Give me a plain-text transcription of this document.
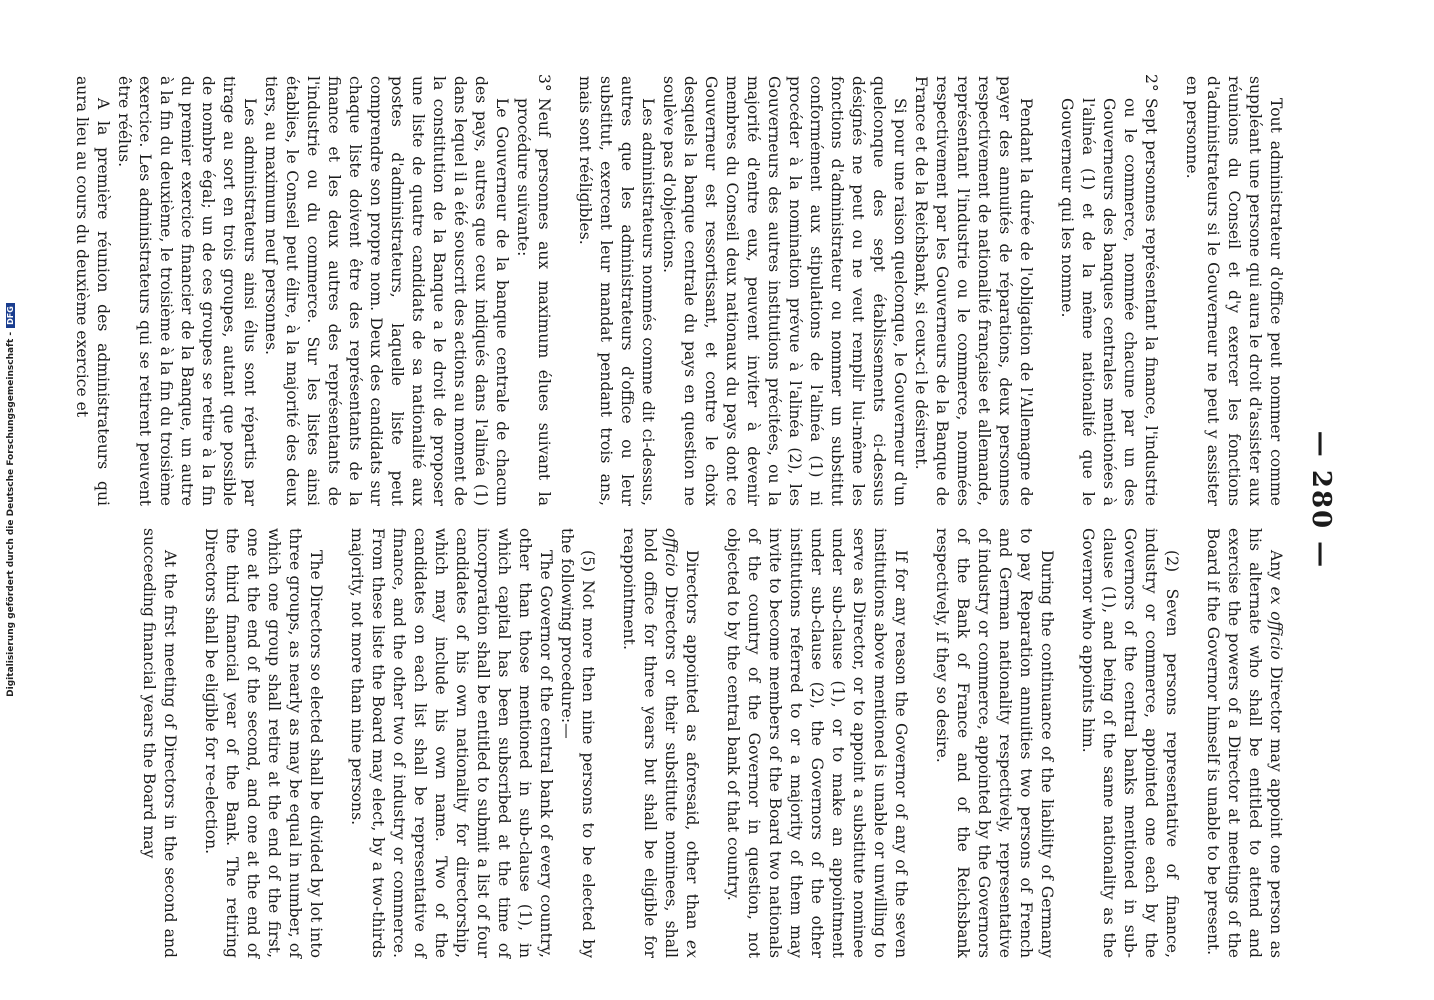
Digitalisierung gefördert durch die Deutsche Forschungsgemeinschaft -DFG
— 280 —

Tout administrateur d'office peut nommer comme suppléant une persone qui aura le droit d'assister aux réunions du Conseil et d'y exercer les fonctions d'administrateurs si le Gouverneur ne peut y assister en personne.

2°
Sept personnes représentant la finance, l'industrie ou le commerce, nommée chacune par un des Gouverneurs des banques centrales mentionées à l'alinéa (1) et de la même nationalité que le Gouverneur qui les nomme.

Pendant la durée de l'obligation de l'Allemagne de payer des annuités de réparations, deux personnes respectivement de nationalité française et allemande, représentant l'industrie ou le commerce, nommées respectivement par les Gouverneurs de la Banque de France et de la Reichsbank, si ceux-ci le désirent.

Si pour une raison quelconque, le Gouverneur d'un quelconque des sept établissements ci-dessus désignés ne peut ou ne veut remplir lui-même les fonctions d'administrateur ou nommer un substitut conformément aux stipulations de l'alinéa (1) ni procéder à la nomination prévue à l'alinéa (2), les Gouverneurs des autres institutions précitées, ou la majorité d'entre eux, peuvent inviter à devenir membres du Conseil deux nationaux du pays dont ce Gouverneur est ressortissant, et contre le choix desquels la banque centrale du pays en question ne soulève pas d'objections.

Les administrateurs nommés comme dit ci-dessus, autres que les administrateurs d'office ou leur substitut, exercent leur mandat pendant trois ans, mais sont rééligibles.

3°
Neuf personnes aux maximum élues suivant la procédure suivante:

Le Gouverneur de la banque centrale de chacun des pays, autres que ceux indiqués dans l'alinéa (1) dans lequel il a été souscrit des actions au moment de la constitution de la Banque a le droit de proposer une liste de quatre candidats de sa nationalité aux postes d'administrateurs, laquelle liste peut comprendre son propre nom. Deux des candidats sur chaque liste doivent être des représentants de la finance et les deux autres des représentants de l'industrie ou du commerce. Sur les listes ainsi établies, le Conseil peut élire, à la majorité des deux tiers, au maximum neuf personnes.

Les administrateurs ainsi élus sont répartis par tirage au sort en trois groupes, autant que possible de nombre égal; un de ces groupes se retire à la fin du premier exercice financier de la Banque, un autre à la fin du deuxième, le troisième à la fin du troisième exercice. Les administrateurs qui se retirent peuvent être réélus.

A la première réunion des administrateurs qui aura lieu au cours du deuxième exercice et

Any ex officio Director may appoint one person as his alternate who shall be entitled to attend and exercise the powers of a Director at meetings of the Board if the Governor himself is unable to be present.

(2) Seven persons representative of finance, industry or commerce, appointed one each by the Governors of the central banks mentioned in sub-clause (1), and being of the same nationality as the Governor who appoints him.

During the continuance of the liability of Germany to pay Reparation annuities two persons of French and German nationality respectively, representative of industry or commerce, appointed by the Governors of the Bank of France and of the Reichsbank respectively, if they so desire.

If for any reason the Governor of any of the seven institutions above mentioned is unable or unwilling to serve as Director, or to appoint a substitute nominee under sub-clause (1), or to make an appointment under sub-clause (2), the Governors of the other institutions referred to or a majority of them may invite to become members of the Board two nationals of the country of the Governor in question, not objected to by the central bank of that country.

Directors appointed as aforesaid, other than ex officio Directors or their substitute nominees, shall hold office for three years but shall be eligible for reappointment.

(5) Not more then nine persons to be elected by the following procedure:—

The Governor of the central bank of every country, other than those mentioned in sub-clause (1), in which capital has been subscribed at the time of incorporation shall be entitled to submit a list of four candidates of his own nationality for directorship, which may include his own name. Two of the candidates on each list shall be representative of finance, and the other two of industry or commerce. From these liste the Board may elect, by a two-thirds majority, not more than nine persons.

The Directors so elected shall be divided by lot into three groups, as nearly as may be equal in number, of which one group shall retire at the end of the first, one at the end of the second, and one at the end of the third financial year of the Bank. The retiring Directors shall be eligible for re-election.

At the first meeting of Directors in the second and succeeding financial years the Board may
